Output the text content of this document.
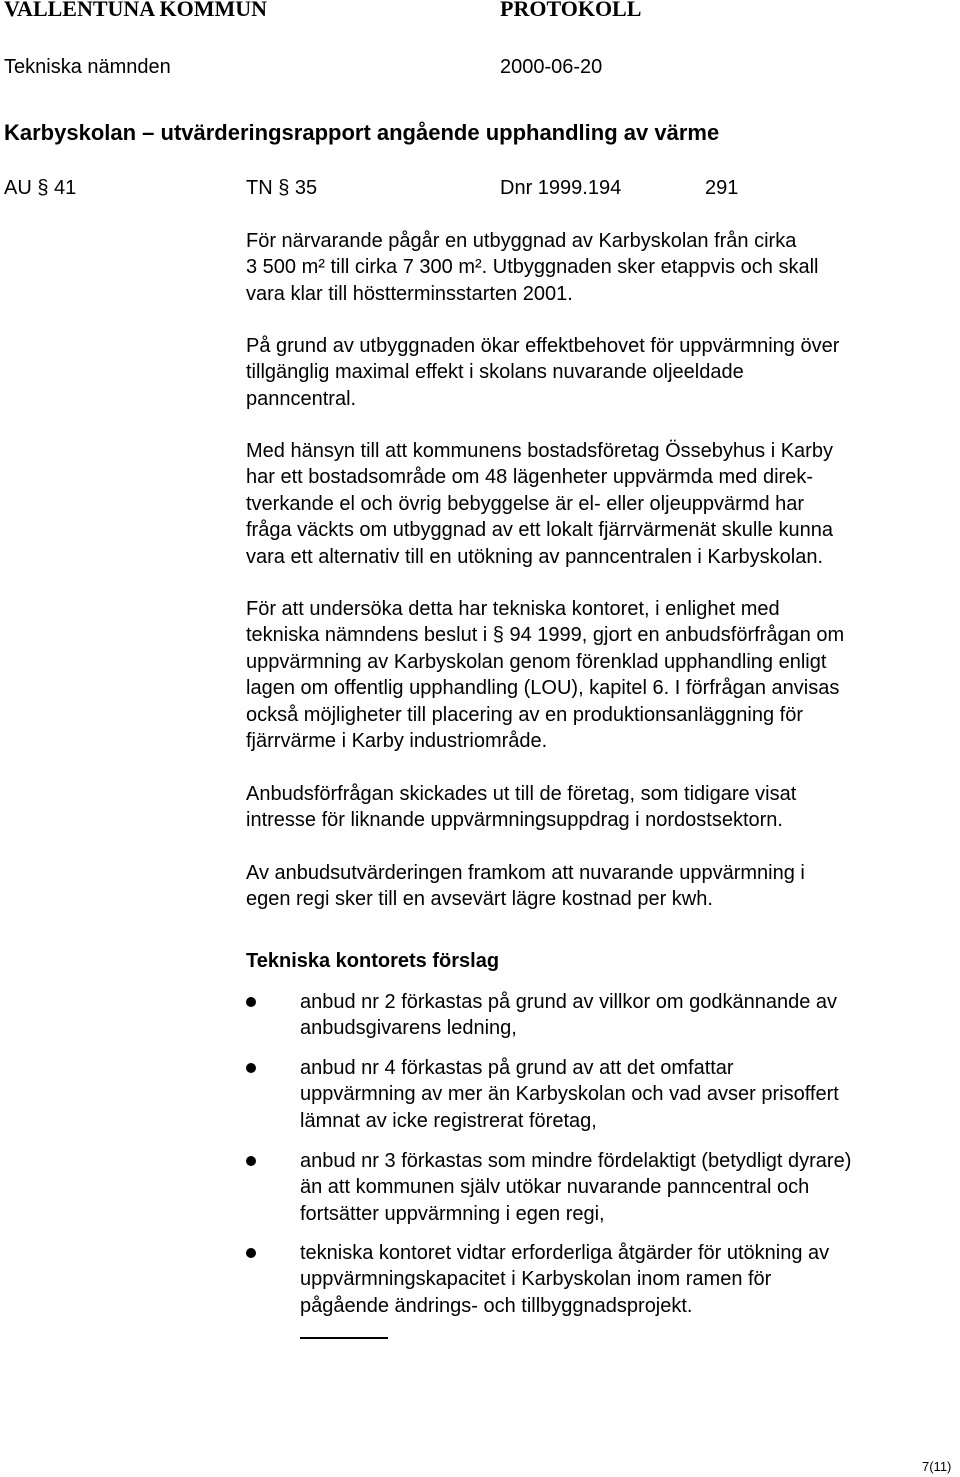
VALLENTUNA KOMMUN	PROTOKOLL
Tekniska nämnden	2000-06-20
Karbyskolan – utvärderingsrapport angående upphandling av värme
AU § 41	TN § 35	Dnr 1999.194	291
För närvarande pågår en utbyggnad av Karbyskolan från cirka
3 500 m² till cirka 7 300 m². Utbyggnaden sker etappvis och skall
vara klar till höstterminsstarten 2001.
På grund av utbyggnaden ökar effektbehovet för uppvärmning över
tillgänglig maximal effekt i skolans nuvarande oljeeldade
panncentral.
Med hänsyn till att kommunens bostadsföretag Össebyhus i Karby
har ett bostadsområde om 48 lägenheter uppvärmda med direk-
tverkande el och övrig bebyggelse är el- eller oljeuppvärmd har
fråga väckts om utbyggnad av ett lokalt fjärrvärmenät skulle kunna
vara ett alternativ till en utökning av panncentralen i Karbyskolan.
För att undersöka detta har tekniska kontoret, i enlighet med
tekniska nämndens beslut i § 94 1999, gjort en anbudsförfrågan om
uppvärmning av Karbyskolan genom förenklad upphandling enligt
lagen om offentlig upphandling (LOU), kapitel 6. I förfrågan anvisas
också möjligheter till placering av en produktionsanläggning för
fjärrvärme i Karby industriområde.
Anbudsförfrågan skickades ut till de företag, som tidigare visat
intresse för liknande uppvärmningsuppdrag i nordostsektorn.
Av anbudsutvärderingen framkom att nuvarande uppvärmning i
egen regi sker till en avsevärt lägre kostnad per kwh.
Tekniska kontorets förslag
anbud nr 2 förkastas på grund av villkor om godkännande av
anbudsgivarens ledning,
anbud nr 4 förkastas på grund av att det omfattar
uppvärmning av mer än Karbyskolan och vad avser prisoffert
lämnat av icke registrerat företag,
anbud nr 3 förkastas som mindre fördelaktigt (betydligt dyrare)
än att kommunen själv utökar nuvarande panncentral och
fortsätter uppvärmning i egen regi,
tekniska kontoret vidtar erforderliga åtgärder för utökning av
uppvärmningskapacitet i Karbyskolan inom ramen för
pågående ändrings- och tillbyggnadsprojekt.
7(11)
